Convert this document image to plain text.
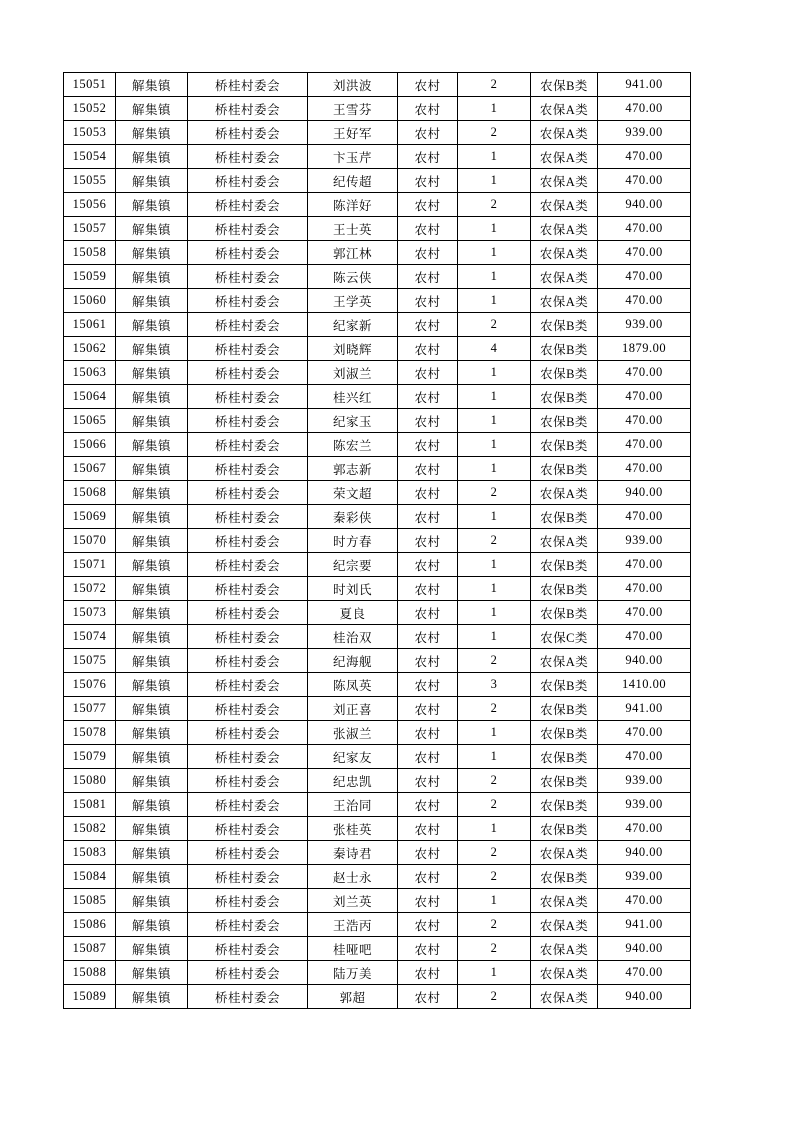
15051	解集镇	桥桂村委会	刘洪波	农村	2	农保B类	941.00
15052	解集镇	桥桂村委会	王雪芬	农村	1	农保A类	470.00
15053	解集镇	桥桂村委会	王好军	农村	2	农保A类	939.00
15054	解集镇	桥桂村委会	卞玉芹	农村	1	农保A类	470.00
15055	解集镇	桥桂村委会	纪传超	农村	1	农保A类	470.00
15056	解集镇	桥桂村委会	陈洋好	农村	2	农保A类	940.00
15057	解集镇	桥桂村委会	王士英	农村	1	农保A类	470.00
15058	解集镇	桥桂村委会	郭江林	农村	1	农保A类	470.00
15059	解集镇	桥桂村委会	陈云侠	农村	1	农保A类	470.00
15060	解集镇	桥桂村委会	王学英	农村	1	农保A类	470.00
15061	解集镇	桥桂村委会	纪家新	农村	2	农保B类	939.00
15062	解集镇	桥桂村委会	刘晓辉	农村	4	农保B类	1879.00
15063	解集镇	桥桂村委会	刘淑兰	农村	1	农保B类	470.00
15064	解集镇	桥桂村委会	桂兴红	农村	1	农保B类	470.00
15065	解集镇	桥桂村委会	纪家玉	农村	1	农保B类	470.00
15066	解集镇	桥桂村委会	陈宏兰	农村	1	农保B类	470.00
15067	解集镇	桥桂村委会	郭志新	农村	1	农保B类	470.00
15068	解集镇	桥桂村委会	荣文超	农村	2	农保A类	940.00
15069	解集镇	桥桂村委会	秦彩侠	农村	1	农保B类	470.00
15070	解集镇	桥桂村委会	时方春	农村	2	农保A类	939.00
15071	解集镇	桥桂村委会	纪宗要	农村	1	农保B类	470.00
15072	解集镇	桥桂村委会	时刘氏	农村	1	农保B类	470.00
15073	解集镇	桥桂村委会	夏良	农村	1	农保B类	470.00
15074	解集镇	桥桂村委会	桂治双	农村	1	农保C类	470.00
15075	解集镇	桥桂村委会	纪海舰	农村	2	农保A类	940.00
15076	解集镇	桥桂村委会	陈凤英	农村	3	农保B类	1410.00
15077	解集镇	桥桂村委会	刘正喜	农村	2	农保B类	941.00
15078	解集镇	桥桂村委会	张淑兰	农村	1	农保B类	470.00
15079	解集镇	桥桂村委会	纪家友	农村	1	农保B类	470.00
15080	解集镇	桥桂村委会	纪忠凯	农村	2	农保B类	939.00
15081	解集镇	桥桂村委会	王治同	农村	2	农保B类	939.00
15082	解集镇	桥桂村委会	张桂英	农村	1	农保B类	470.00
15083	解集镇	桥桂村委会	秦诗君	农村	2	农保A类	940.00
15084	解集镇	桥桂村委会	赵士永	农村	2	农保B类	939.00
15085	解集镇	桥桂村委会	刘兰英	农村	1	农保A类	470.00
15086	解集镇	桥桂村委会	王浩丙	农村	2	农保A类	941.00
15087	解集镇	桥桂村委会	桂哑吧	农村	2	农保A类	940.00
15088	解集镇	桥桂村委会	陆万美	农村	1	农保A类	470.00
15089	解集镇	桥桂村委会	郭超	农村	2	农保A类	940.00
